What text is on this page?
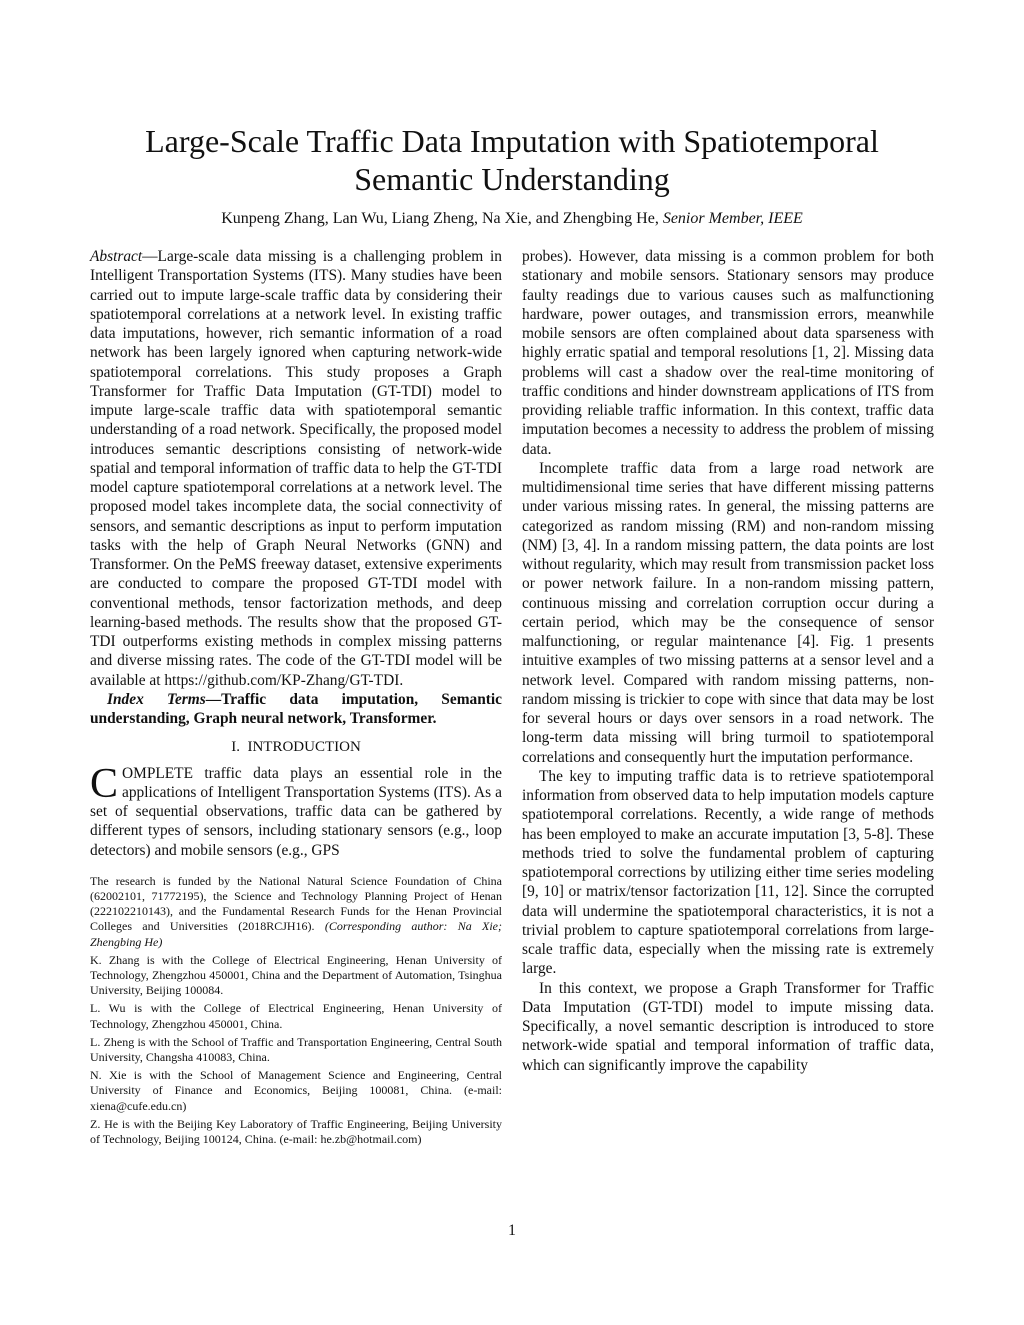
Large-Scale Traffic Data Imputation with Spatiotemporal Semantic Understanding
Kunpeng Zhang, Lan Wu, Liang Zheng, Na Xie, and Zhengbing He, Senior Member, IEEE

Abstract—Large-scale data missing is a challenging problem in Intelligent Transportation Systems (ITS). Many studies have been carried out to impute large-scale traffic data by considering their spatiotemporal correlations at a network level. In existing traffic data imputations, however, rich semantic information of a road network has been largely ignored when capturing network-wide spatiotemporal correlations. This study proposes a Graph Transformer for Traffic Data Imputation (GT-TDI) model to impute large-scale traffic data with spatiotemporal semantic understanding of a road network. Specifically, the proposed model introduces semantic descriptions consisting of network-wide spatial and temporal information of traffic data to help the GT-TDI model capture spatiotemporal correlations at a network level. The proposed model takes incomplete data, the social connectivity of sensors, and semantic descriptions as input to perform imputation tasks with the help of Graph Neural Networks (GNN) and Transformer. On the PeMS freeway dataset, extensive experiments are conducted to compare the proposed GT-TDI model with conventional methods, tensor factorization methods, and deep learning-based methods. The results show that the proposed GT-TDI outperforms existing methods in complex missing patterns and diverse missing rates. The code of the GT-TDI model will be available at https://github.com/KP-Zhang/GT-TDI.

Index Terms—Traffic data imputation, Semantic understanding, Graph neural network, Transformer.

I. INTRODUCTION

COMPLETE traffic data plays an essential role in the applications of Intelligent Transportation Systems (ITS). As a set of sequential observations, traffic data can be gathered by different types of sensors, including stationary sensors (e.g., loop detectors) and mobile sensors (e.g., GPS

The research is funded by the National Natural Science Foundation of China (62002101, 71772195), the Science and Technology Planning Project of Henan (222102210143), and the Fundamental Research Funds for the Henan Provincial Colleges and Universities (2018RCJH16). (Corresponding author: Na Xie; Zhengbing He)

K. Zhang is with the College of Electrical Engineering, Henan University of Technology, Zhengzhou 450001, China and the Department of Automation, Tsinghua University, Beijing 100084.

L. Wu is with the College of Electrical Engineering, Henan University of Technology, Zhengzhou 450001, China.

L. Zheng is with the School of Traffic and Transportation Engineering, Central South University, Changsha 410083, China.

N. Xie is with the School of Management Science and Engineering, Central University of Finance and Economics, Beijing 100081, China. (e-mail: xiena@cufe.edu.cn)

Z. He is with the Beijing Key Laboratory of Traffic Engineering, Beijing University of Technology, Beijing 100124, China. (e-mail: he.zb@hotmail.com)

probes). However, data missing is a common problem for both stationary and mobile sensors. Stationary sensors may produce faulty readings due to various causes such as malfunctioning hardware, power outages, and transmission errors, meanwhile mobile sensors are often complained about data sparseness with highly erratic spatial and temporal resolutions [1, 2]. Missing data problems will cast a shadow over the real-time monitoring of traffic conditions and hinder downstream applications of ITS from providing reliable traffic information. In this context, traffic data imputation becomes a necessity to address the problem of missing data.

Incomplete traffic data from a large road network are multidimensional time series that have different missing patterns under various missing rates. In general, the missing patterns are categorized as random missing (RM) and non-random missing (NM) [3, 4]. In a random missing pattern, the data points are lost without regularity, which may result from transmission packet loss or power network failure. In a non-random missing pattern, continuous missing and correlation corruption occur during a certain period, which may be the consequence of sensor malfunctioning, or regular maintenance [4]. Fig. 1 presents intuitive examples of two missing patterns at a sensor level and a network level. Compared with random missing patterns, non-random missing is trickier to cope with since that data may be lost for several hours or days over sensors in a road network. The long-term data missing will bring turmoil to spatiotemporal correlations and consequently hurt the imputation performance.

The key to imputing traffic data is to retrieve spatiotemporal information from observed data to help imputation models capture spatiotemporal correlations. Recently, a wide range of methods has been employed to make an accurate imputation [3, 5-8]. These methods tried to solve the fundamental problem of capturing spatiotemporal corrections by utilizing either time series modeling [9, 10] or matrix/tensor factorization [11, 12]. Since the corrupted data will undermine the spatiotemporal characteristics, it is not a trivial problem to capture spatiotemporal correlations from large-scale traffic data, especially when the missing rate is extremely large.

In this context, we propose a Graph Transformer for Traffic Data Imputation (GT-TDI) model to impute missing data. Specifically, a novel semantic description is introduced to store network-wide spatial and temporal information of traffic data, which can significantly improve the capability

1
